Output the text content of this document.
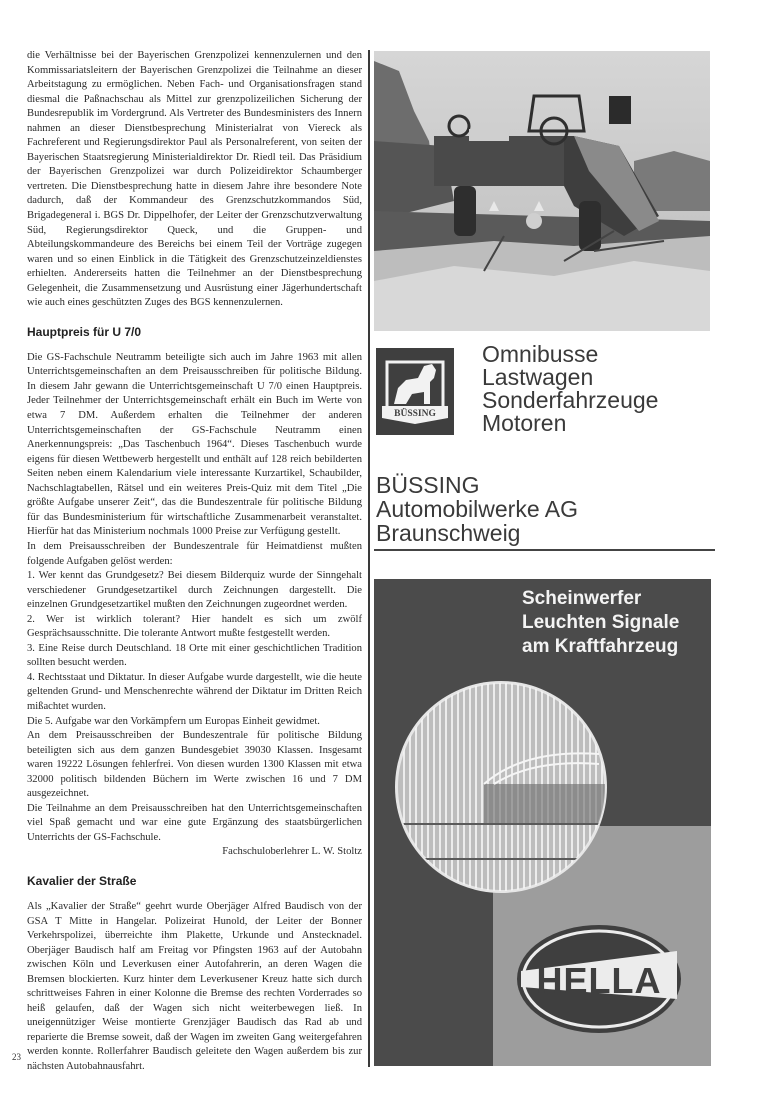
die Verhältnisse bei der Bayerischen Grenzpolizei kennenzulernen und den Kommissariatsleitern der Bayerischen Grenzpolizei die Teilnahme an dieser Arbeitstagung zu ermöglichen. Neben Fach- und Organisationsfragen stand diesmal die Paßnachschau als Mittel zur grenzpolizeilichen Sicherung der Bundesrepublik im Vordergrund. Als Vertreter des Bundesministers des Innern nahmen an dieser Dienstbesprechung Ministerialrat von Viereck als Fachreferent und Regierungsdirektor Paul als Personalreferent, von seiten der Bayerischen Staatsregierung Ministerialdirektor Dr. Riedl teil. Das Präsidium der Bayerischen Grenzpolizei war durch Polizeidirektor Schaumberger vertreten. Die Dienstbesprechung hatte in diesem Jahre ihre besondere Note dadurch, daß der Kommandeur des Grenzschutzkommandos Süd, Brigadegeneral i. BGS Dr. Dippelhofer, der Leiter der Grenzschutzverwaltung Süd, Regierungsdirektor Queck, und die Gruppen- und Abteilungskommandeure des Bereichs bei einem Teil der Vorträge zugegen waren und so einen Einblick in die Tätigkeit des Grenzschutzeinzeldienstes erhielten. Andererseits hatten die Teilnehmer an der Dienstbesprechung Gelegenheit, die Zusammensetzung und Ausrüstung einer Jägerhundertschaft wie auch eines geschützten Zuges des BGS kennenzulernen.

Hauptpreis für U 7/0

Die GS-Fachschule Neutramm beteiligte sich auch im Jahre 1963 mit allen Unterrichtsgemeinschaften an dem Preisausschreiben für politische Bildung. In diesem Jahr gewann die Unterrichtsgemeinschaft U 7/0 einen Hauptpreis. Jeder Teilnehmer der Unterrichtsgemeinschaft erhält ein Buch im Werte von etwa 7 DM. Außerdem erhalten die Teilnehmer der anderen Unterrichtsgemeinschaften der GS-Fachschule Neutramm einen Anerkennungspreis: „Das Taschenbuch 1964“. Dieses Taschenbuch wurde eigens für diesen Wettbewerb hergestellt und enthält auf 128 reich bebilderten Seiten neben einem Kalendarium viele interessante Kurzartikel, Schaubilder, Nachschlagtabellen, Rätsel und ein weiteres Preis-Quiz mit dem Titel „Die größte Aufgabe unserer Zeit“, das die Bundeszentrale für politische Bildung für das Bundesministerium für wirtschaftliche Zusammenarbeit veranstaltet. Hierfür hat das Ministerium nochmals 1000 Preise zur Verfügung gestellt.

In dem Preisausschreiben der Bundeszentrale für Heimatdienst mußten folgende Aufgaben gelöst werden:

1. Wer kennt das Grundgesetz? Bei diesem Bilderquiz wurde der Sinngehalt verschiedener Grundgesetzartikel durch Zeichnungen dargestellt. Die einzelnen Grundgesetzartikel mußten den Zeichnungen zugeordnet werden.

2. Wer ist wirklich tolerant? Hier handelt es sich um zwölf Gesprächsausschnitte. Die tolerante Antwort mußte festgestellt werden.

3. Eine Reise durch Deutschland. 18 Orte mit einer geschichtlichen Tradition sollten besucht werden.

4. Rechtsstaat und Diktatur. In dieser Aufgabe wurde dargestellt, wie die heute geltenden Grund- und Menschenrechte während der Diktatur im Dritten Reich mißachtet wurden.

Die 5. Aufgabe war den Vorkämpfern um Europas Einheit gewidmet.

An dem Preisausschreiben der Bundeszentrale für politische Bildung beteiligten sich aus dem ganzen Bundesgebiet 39030 Klassen. Insgesamt waren 19222 Lösungen fehlerfrei. Von diesen wurden 1300 Klassen mit etwa 32000 politisch bildenden Büchern im Werte zwischen 16 und 7 DM ausgezeichnet.

Die Teilnahme an dem Preisausschreiben hat den Unterrichtsgemeinschaften viel Spaß gemacht und war eine gute Ergänzung des staatsbürgerlichen Unterrichts der GS-Fachschule.

Fachschuloberlehrer L. W. Stoltz

Kavalier der Straße

Als „Kavalier der Straße“ geehrt wurde Oberjäger Alfred Baudisch von der GSA T Mitte in Hangelar. Polizeirat Hunold, der Leiter der Bonner Verkehrspolizei, überreichte ihm Plakette, Urkunde und Anstecknadel. Oberjäger Baudisch half am Freitag vor Pfingsten 1963 auf der Autobahn zwischen Köln und Leverkusen einer Autofahrerin, an deren Wagen die Bremsen blockierten. Kurz hinter dem Leverkusener Kreuz hatte sich durch schrittweises Fahren in einer Kolonne die Bremse des rechten Vorderrades so heiß gelaufen, daß der Wagen sich nicht weiterbewegen ließ. In uneigennütziger Weise montierte Grenzjäger Baudisch das Rad ab und reparierte die Bremse soweit, daß der Wagen im zweiten Gang weitergefahren werden konnte. Rollerfahrer Baudisch geleitete den Wagen außerdem bis zur nächsten Autobahnausfahrt.

23
BÜSSING
Omnibusse
Lastwagen
Sonderfahrzeuge
Motoren
BÜSSING
Automobilwerke AG
Braunschweig
HELLA
Scheinwerfer
Leuchten Signale
am Kraftfahrzeug
